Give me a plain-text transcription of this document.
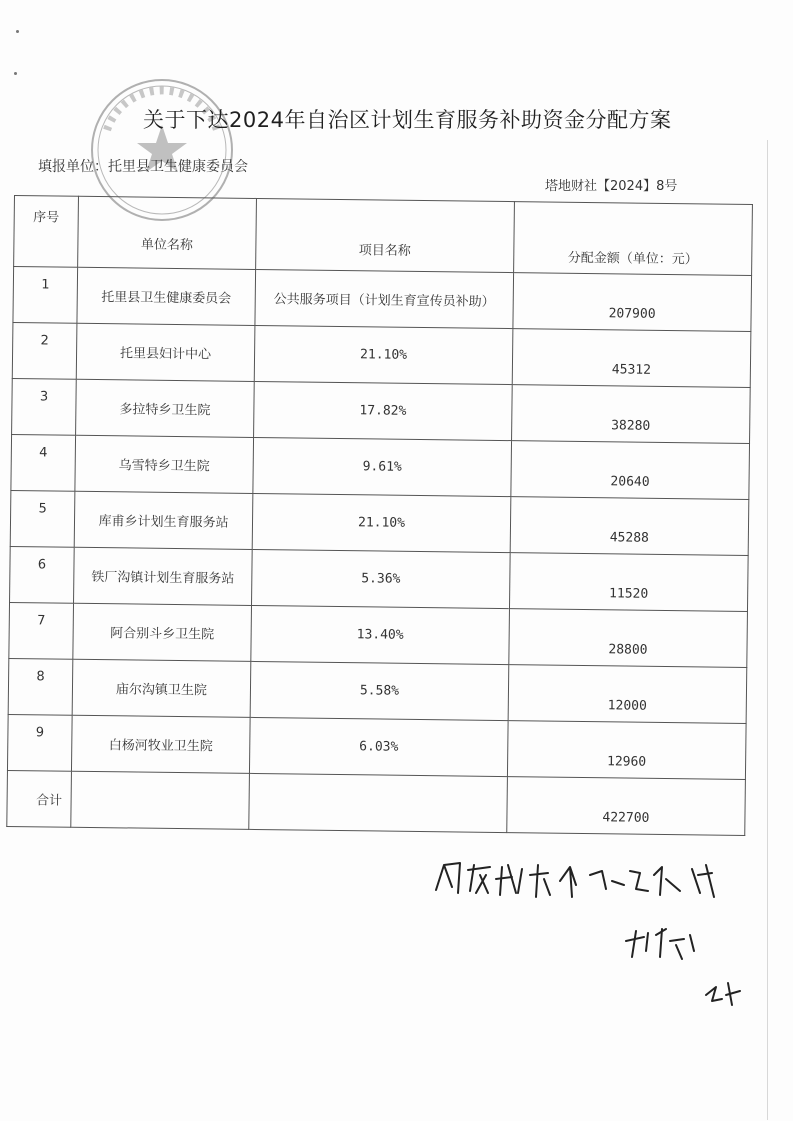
关于下达2024年自治区计划生育服务补助资金分配方案
填报单位：托里县卫生健康委员会
塔地财社【2024】8号
序号	单位名称	项目名称	分配金额（单位：元）

1	托里县卫生健康委员会	公共服务项目（计划生育宣传员补助）	207900

2	托里县妇计中心	21.10%	45312

3	多拉特乡卫生院	17.82%	38280

4	乌雪特乡卫生院	9.61%	20640

5	库甫乡计划生育服务站	21.10%	45288

6	铁厂沟镇计划生育服务站	5.36%	11520

7	阿合别斗乡卫生院	13.40%	28800

8	庙尔沟镇卫生院	5.58%	12000

9	白杨河牧业卫生院	6.03%	12960

合计			422700
